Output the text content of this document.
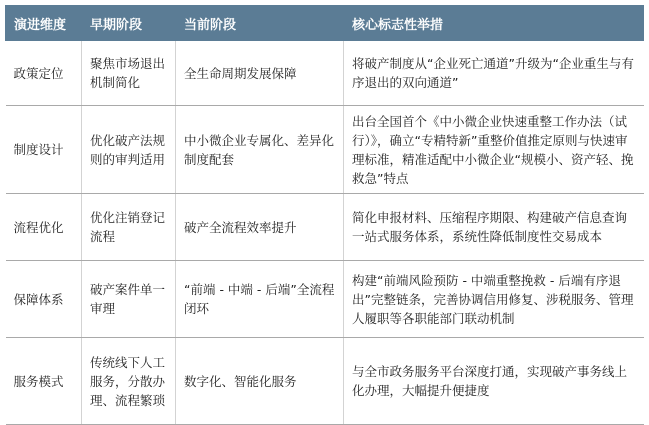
演进维度	早期阶段	当前阶段	核心标志性举措
政策定位	聚焦市场退出机制简化	全生命周期发展保障	将破产制度从“企业死亡通道”升级为“企业重生与有序退出的双向通道”
制度设计	优化破产法规则的审判适用	中小微企业专属化、差异化制度配套	出台全国首个《中小微企业快速重整工作办法（试行）》，确立“专精特新”重整价值推定原则与快速审理标准，精准适配中小微企业“规模小、资产轻、挽救急”特点
流程优化	优化注销登记流程	破产全流程效率提升	简化申报材料、压缩程序期限、构建破产信息查询一站式服务体系，系统性降低制度性交易成本
保障体系	破产案件单一审理	“前端 - 中端 - 后端”全流程闭环	构建“前端风险预防 - 中端重整挽救 - 后端有序退出”完整链条，完善协调信用修复、涉税服务、管理人履职等各职能部门联动机制
服务模式	传统线下人工服务，分散办理、流程繁琐	数字化、智能化服务	与全市政务服务平台深度打通，实现破产事务线上化办理，大幅提升便捷度
